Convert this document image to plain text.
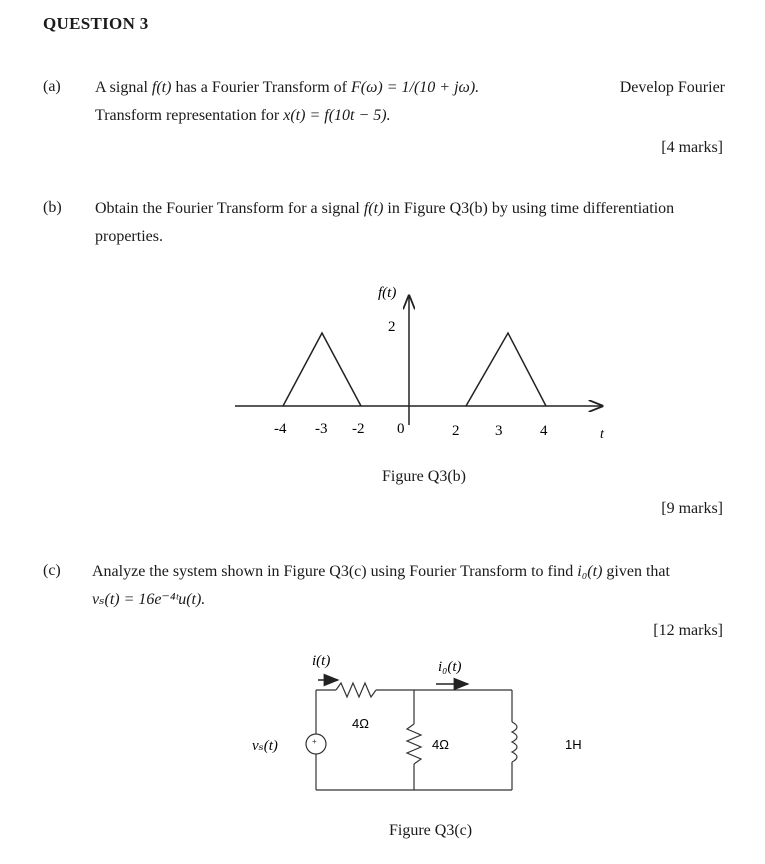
QUESTION 3
(a) A signal f(t) has a Fourier Transform of F(ω) = 1/(10 + jω).	Develop Fourier
Transform representation for x(t) = f(10t − 5).
[4 marks]
(b) Obtain the Fourier Transform for a signal f(t) in Figure Q3(b) by using time differentiation
properties.
f(t)
2
-4 -3 -2 0	2 3	4	t
Figure Q3(b)
[9 marks]
(c) Analyze the system shown in Figure Q3(c) using Fourier Transform to find i₀(t) given that
vₛ(t) = 16e⁻⁴ᵗu(t).
[12 marks]
+
i(t)	i₀(t)
vₛ(t)
4Ω
4Ω	1H
Figure Q3(c)
